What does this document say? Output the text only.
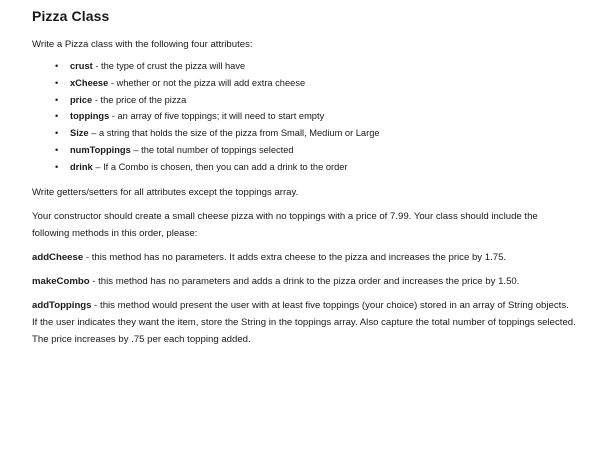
Pizza Class

Write a Pizza class with the following four attributes:

• crust - the type of crust the pizza will have
• xCheese - whether or not the pizza will add extra cheese
• price - the price of the pizza
• toppings - an array of five toppings; it will need to start empty
• Size – a string that holds the size of the pizza from Small, Medium or Large
• numToppings – the total number of toppings selected
• drink – If a Combo is chosen, then you can add a drink to the order

Write getters/setters for all attributes except the toppings array.

Your constructor should create a small cheese pizza with no toppings with a price of 7.99. Your class should include the following methods in this order, please:

addCheese - this method has no parameters. It adds extra cheese to the pizza and increases the price by 1.75.

makeCombo - this method has no parameters and adds a drink to the pizza order and increases the price by 1.50.

addToppings - this method would present the user with at least five toppings (your choice) stored in an array of String objects. If the user indicates they want the item, store the String in the toppings array. Also capture the total number of toppings selected. The price increases by .75 per each topping added.
